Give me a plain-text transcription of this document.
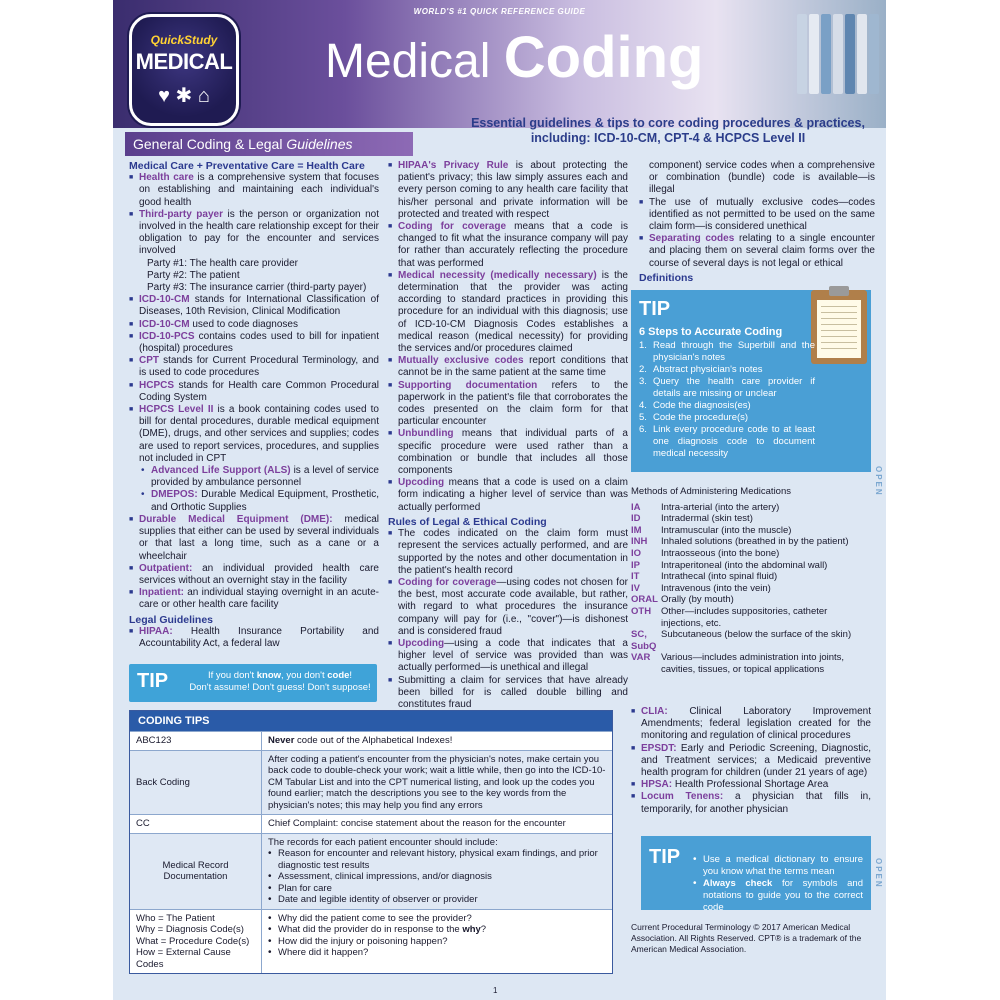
WORLD'S #1 QUICK REFERENCE GUIDE
QuickStudy
MEDICAL
♥ ✱ ⌂
Medical Coding
Essential guidelines & tips to core coding procedures & practices, including: ICD-10-CM, CPT-4 & HCPCS Level II
General Coding & Legal Guidelines
Medical Care + Preventative Care = Health Care
■ Health care is a comprehensive system that focuses on establishing and maintaining each individual's good health
■ Third-party payer is the person or organization not involved in the health care relationship except for their obligation to pay for the encounter and services involved
Party #1: The health care provider
Party #2: The patient
Party #3: The insurance carrier (third-party payer)
■ ICD-10-CM stands for International Classification of Diseases, 10th Revision, Clinical Modification
■ ICD-10-CM used to code diagnoses
■ ICD-10-PCS contains codes used to bill for inpatient (hospital) procedures
■ CPT stands for Current Procedural Terminology, and is used to code procedures
■ HCPCS stands for Health care Common Procedural Coding System
■ HCPCS Level II is a book containing codes used to bill for dental procedures, durable medical equipment (DME), drugs, and other services and supplies; codes are used to report services, procedures, and supplies not included in CPT
• Advanced Life Support (ALS) is a level of service provided by ambulance personnel
• DMEPOS: Durable Medical Equipment, Prosthetic, and Orthotic Supplies
■ Durable Medical Equipment (DME): medical supplies that either can be used by several individuals or that last a long time, such as a cane or a wheelchair
■ Outpatient: an individual provided health care services without an overnight stay in the facility
■ Inpatient: an individual staying overnight in an acute-care or other health care facility
Legal Guidelines
■ HIPAA: Health Insurance Portability and Accountability Act, a federal law
TIP	If you don't know, you don't code!
Don't assume! Don't guess! Don't suppose!
■ HIPAA's Privacy Rule is about protecting the patient's privacy; this law simply assures each and every person coming to any health care facility that his/her personal and private information will be protected and treated with respect
■ Coding for coverage means that a code is changed to fit what the insurance company will pay for rather than accurately reflecting the procedure that was performed
■ Medical necessity (medically necessary) is the determination that the provider was acting according to standard practices in providing this procedure for an individual with this diagnosis; use of ICD-10-CM Diagnosis Codes establishes a medical reason (medical necessity) for providing the services and/or procedures claimed
■ Mutually exclusive codes report conditions that cannot be in the same patient at the same time
■ Supporting documentation refers to the paperwork in the patient's file that corroborates the codes presented on the claim form for that particular encounter
■ Unbundling means that individual parts of a specific procedure were used rather than a combination or bundle that includes all those components
■ Upcoding means that a code is used on a claim form indicating a higher level of service than was actually performed
Rules of Legal & Ethical Coding
■ The codes indicated on the claim form must represent the services actually performed, and are supported by the notes and other documentation in the patient's health record
■ Coding for coverage—using codes not chosen for the best, most accurate code available, but rather, with regard to what procedures the insurance company will pay for (i.e., "cover")—is dishonest and is considered fraud
■ Upcoding—using a code that indicates that a higher level of service was provided than was actually performed—is unethical and illegal
■ Submitting a claim for services that have already been billed for is called double billing and constitutes fraud
■
component) service codes when a comprehensive or combination (bundle) code is available—is illegal
■ The use of mutually exclusive codes—codes identified as not permitted to be used on the same claim form—is considered unethical
■ Separating codes relating to a single encounter and placing them on several claim forms over the course of several days is not legal or ethical
Definitions
TIP
6 Steps to Accurate Coding
1. Read through the Superbill and the physician's notes
2. Abstract physician's notes
3. Query the health care provider if details are missing or unclear
4. Code the diagnosis(es)
5. Code the procedure(s)
6. Link every procedure code to at least one diagnosis code to document medical necessity
OPEN
Methods of Administering Medications
IA	Intra-arterial (into the artery)
ID	Intradermal (skin test)
IM	Intramuscular (into the muscle)
INH	Inhaled solutions (breathed in by the patient)
IO	Intraosseous (into the bone)
IP	Intraperitoneal (into the abdominal wall)
IT	Intrathecal (into spinal fluid)
IV	Intravenous (into the vein)
ORAL Orally (by mouth)
OTH	Other—includes suppositories, catheter injections, etc.
SC, SubQ
Subcutaneous (below the surface of the skin)
VAR	Various—includes administration into joints, cavities, tissues, or topical applications
■ CLIA: Clinical Laboratory Improvement Amendments; federal legislation created for the monitoring and regulation of clinical procedures
■ EPSDT: Early and Periodic Screening, Diagnostic, and Treatment services; a Medicaid preventive health program for children (under 21 years of age)
■ HPSA: Health Professional Shortage Area
■ Locum Tenens: a physician that fills in, temporarily, for another physician
TIP
•	Use a medical dictionary to ensure you know what the terms mean
• Always check for symbols and notations to guide you to the correct code
OPEN
Current Procedural Terminology © 2017 American Medical Association. All Rights Reserved. CPT® is a trademark of the American Medical Association.
CODING TIPS
ABC123	Never code out of the Alphabetical Indexes!
Back Coding
After coding a patient's encounter from the physician's notes, make certain you back code to double-check your work; wait a little while, then go into the ICD-10-CM Tabular List and into the CPT numerical listing, and look up the codes you found earlier; match the descriptions you see to the key words from the physician's notes; this may help you find any errors
CC	Chief Complaint: concise statement about the reason for the encounter
Medical Record Documentation
The records for each patient encounter should include:
• Reason for encounter and relevant history, physical exam findings, and prior diagnostic test results
• Assessment, clinical impressions, and/or diagnosis
• Plan for care
• Date and legible identity of observer or provider
Who = The Patient
Why = Diagnosis Code(s)
What = Procedure Code(s)
How = External Cause Codes
• Why did the patient come to see the provider?
• What did the provider do in response to the why?
• How did the injury or poisoning happen?
• Where did it happen?
1
